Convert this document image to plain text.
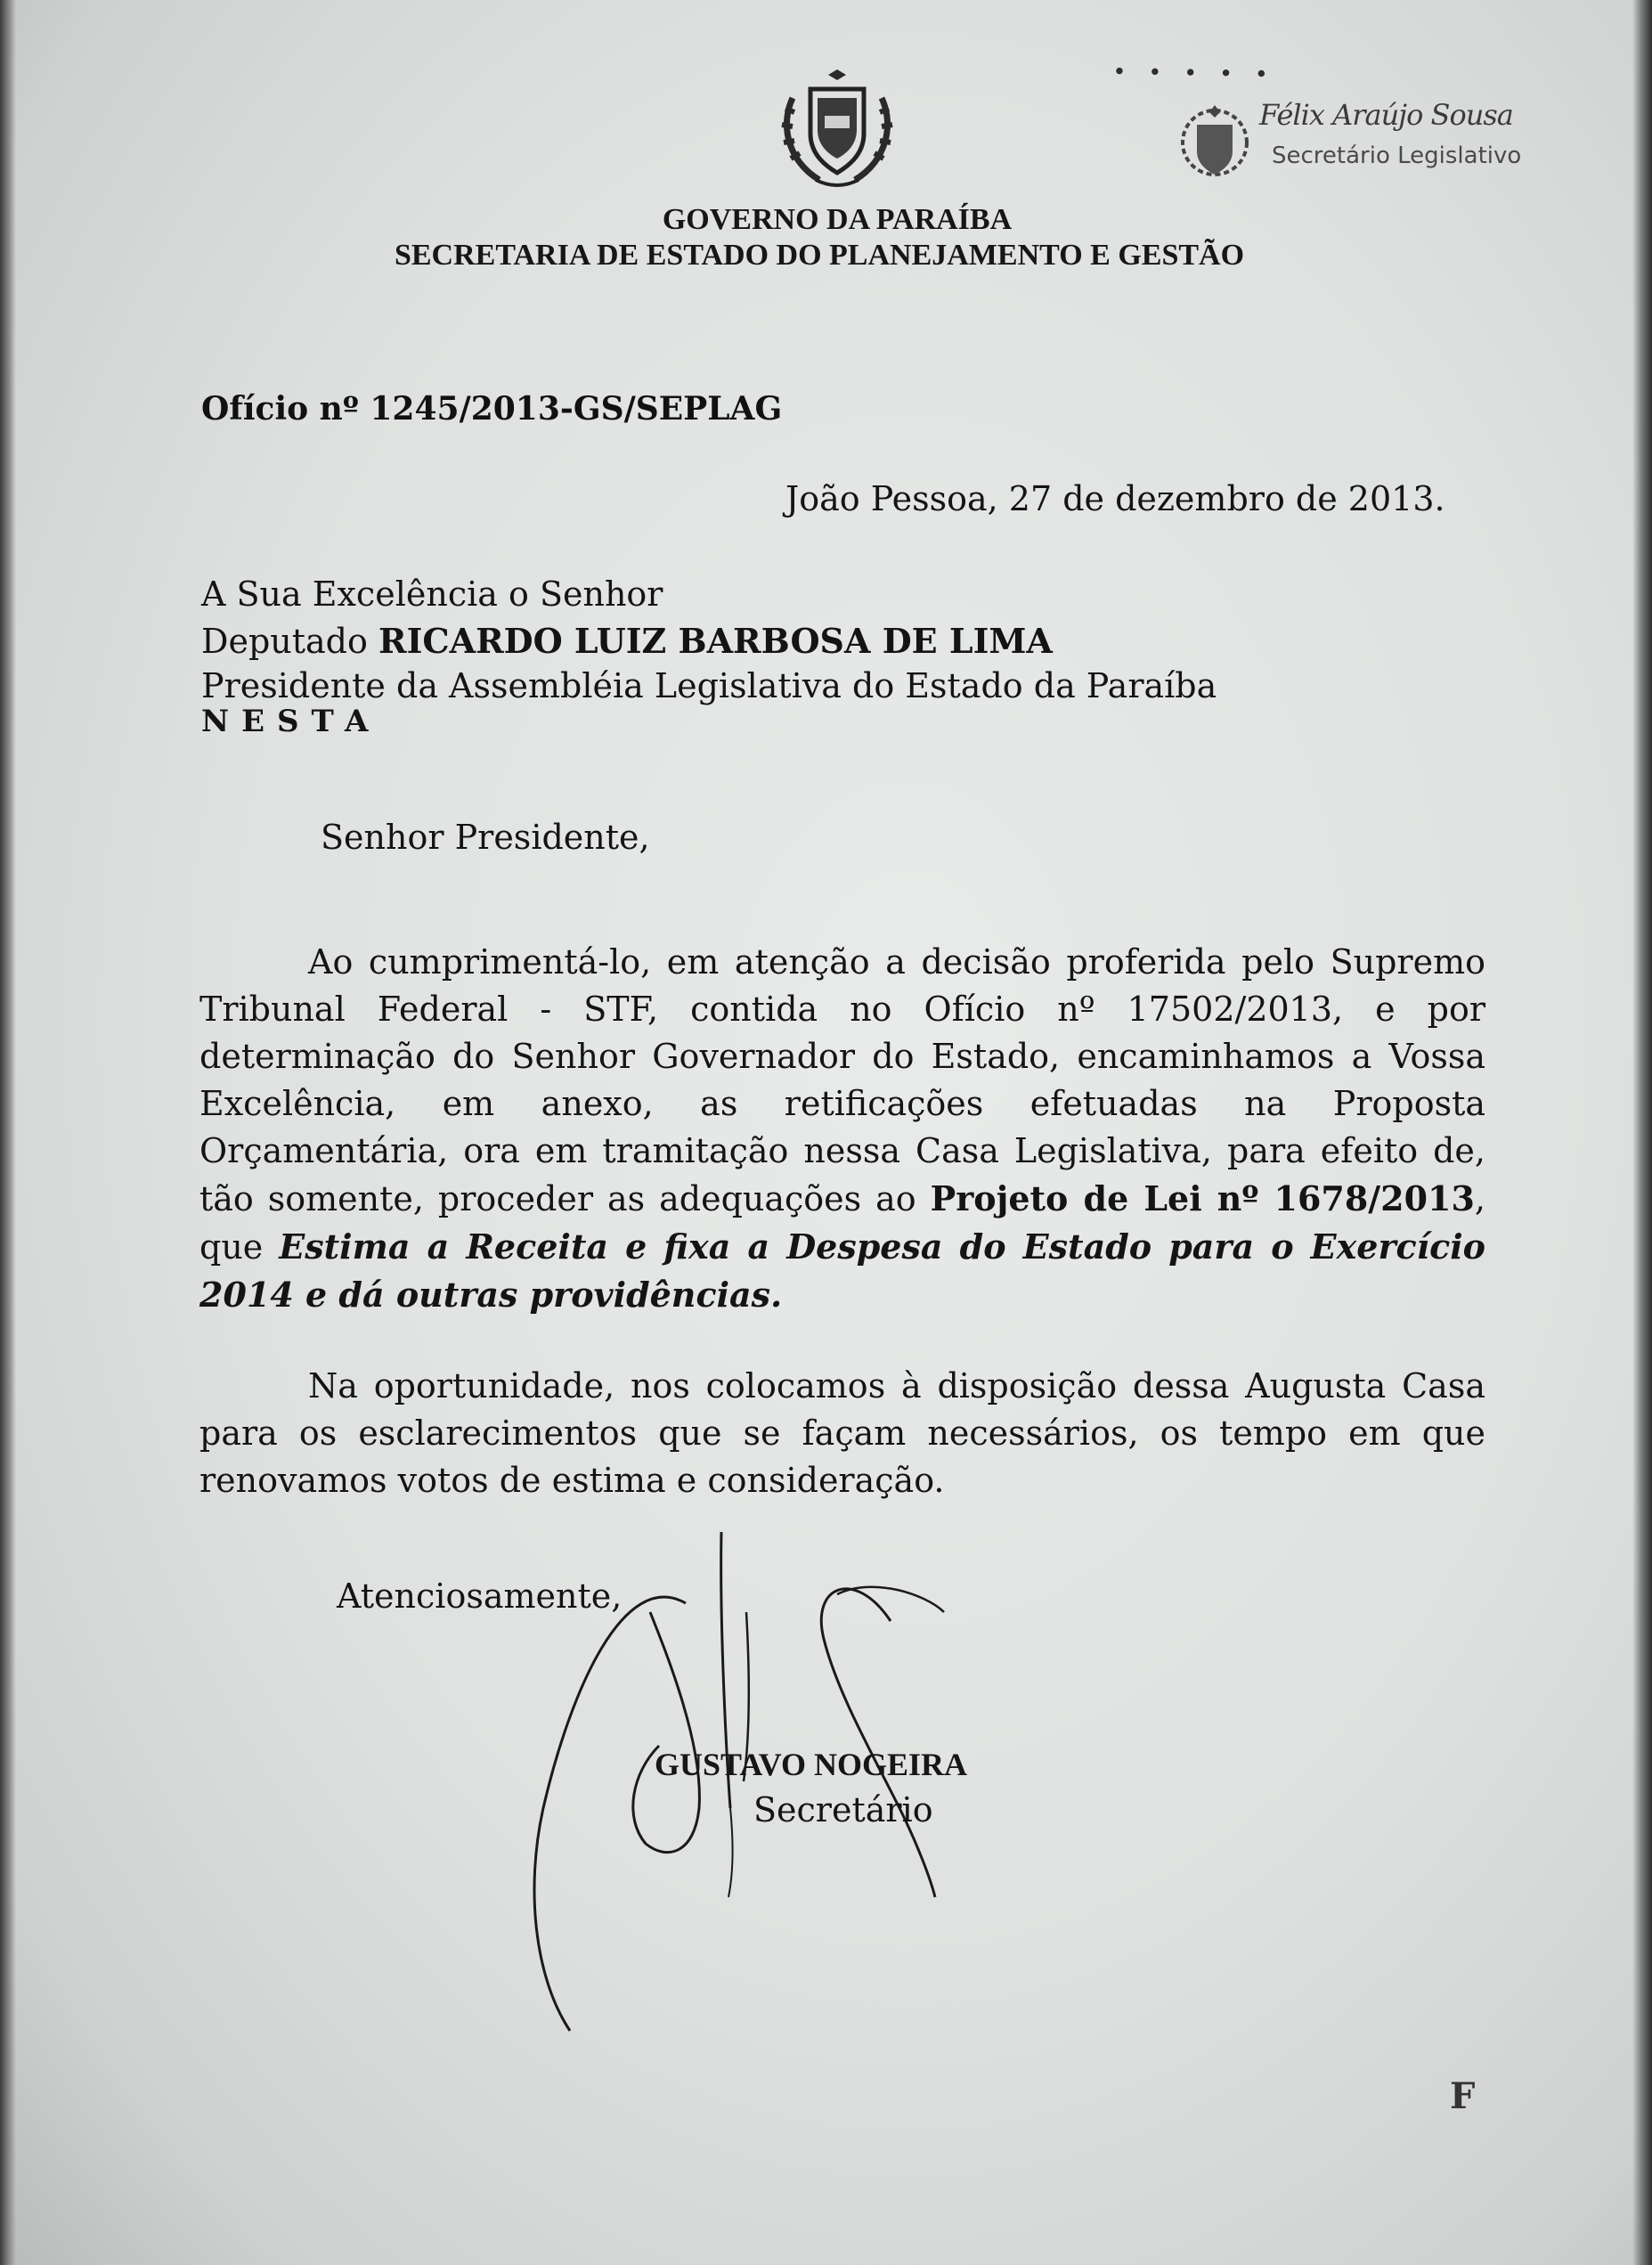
· · · · ·
Félix Araújo Sousa
Secretário Legislativo
GOVERNO DA PARAÍBA
SECRETARIA DE ESTADO DO PLANEJAMENTO E GESTÃO
Ofício nº 1245/2013-GS/SEPLAG
João Pessoa, 27 de dezembro de 2013.
A Sua Excelência o Senhor
Deputado RICARDO LUIZ BARBOSA DE LIMA
Presidente da Assembléia Legislativa do Estado da Paraíba
NESTA
Senhor Presidente,
Ao cumprimentá-lo, em atenção a decisão proferida pelo Supremo Tribunal Federal - STF, contida no Ofício nº 17502/2013, e por determinação do Senhor Governador do Estado, encaminhamos a Vossa Excelência, em anexo, as retificações efetuadas na Proposta Orçamentária, ora em tramitação nessa Casa Legislativa, para efeito de, tão somente, proceder as adequações ao Projeto de Lei nº 1678/2013, que Estima a Receita e fixa a Despesa do Estado para o Exercício 2014 e dá outras providências.
Na oportunidade, nos colocamos à disposição dessa Augusta Casa para os esclarecimentos que se façam necessários, os tempo em que renovamos votos de estima e consideração.
Atenciosamente,
GUSTAVO NOGEIRA
Secretário
F
